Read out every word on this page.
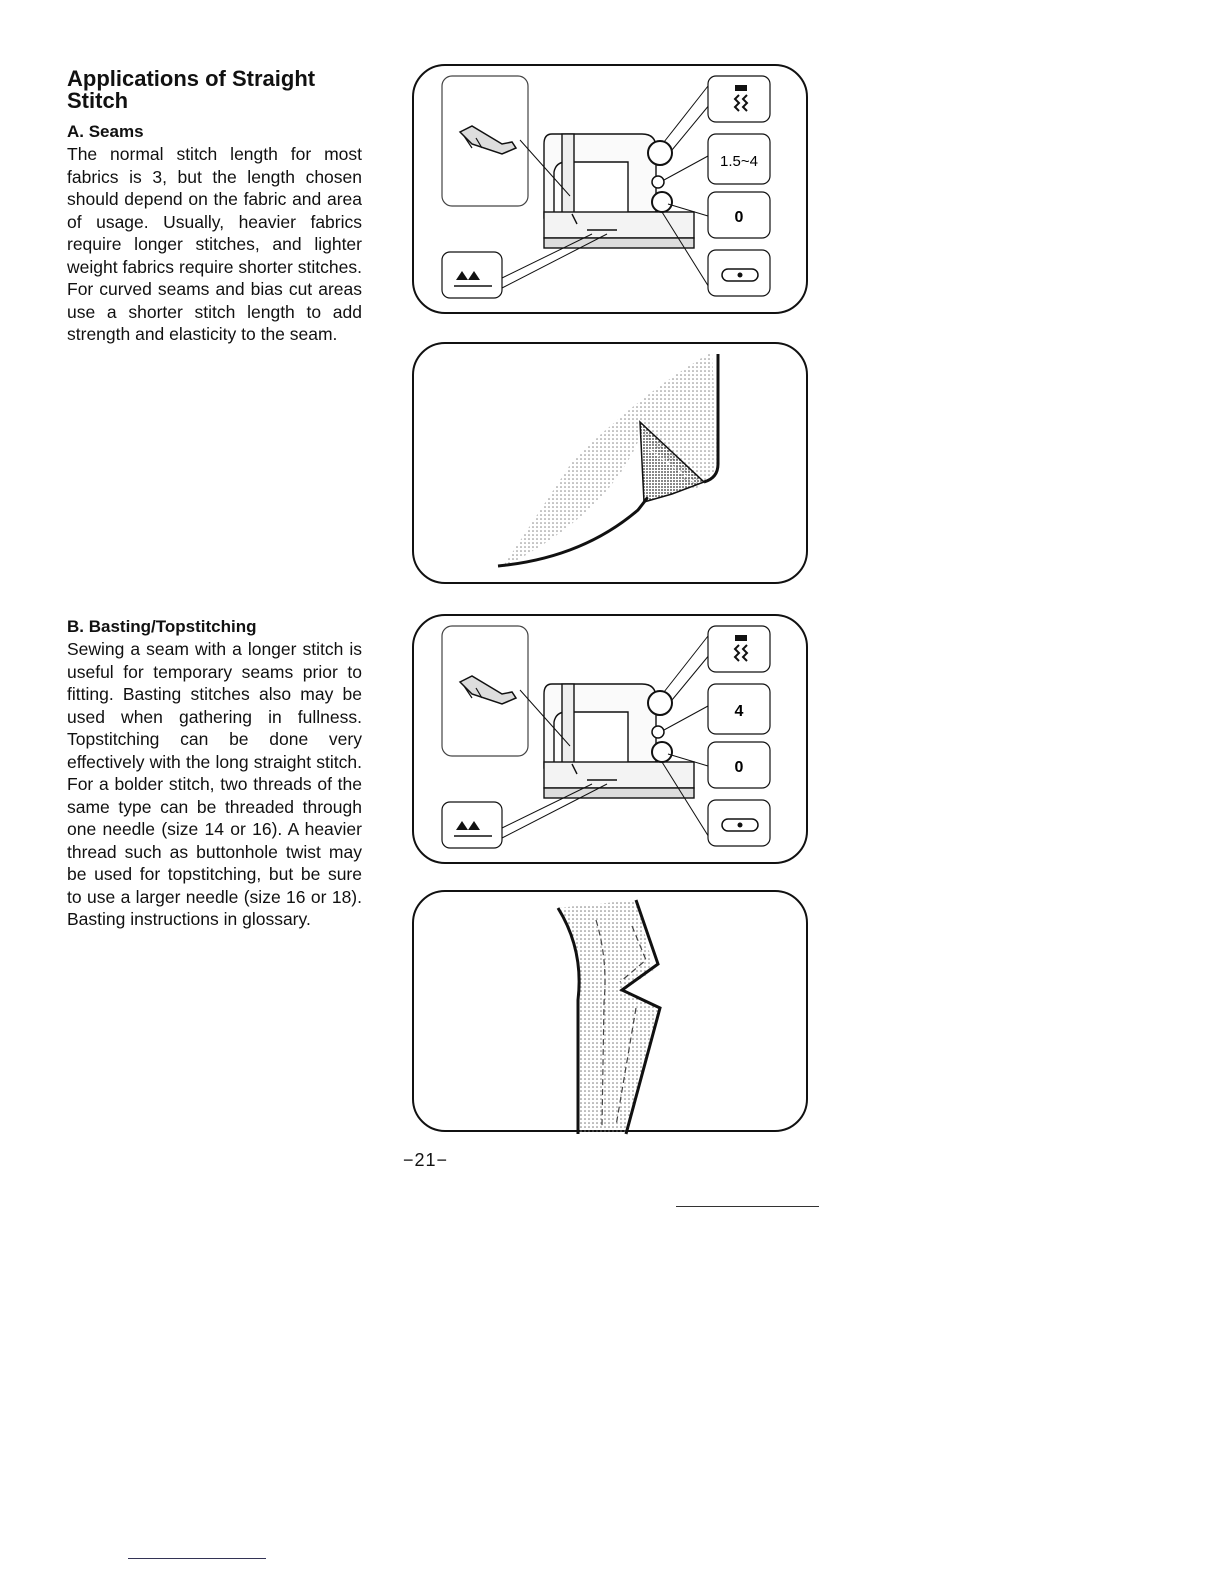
Applications of Straight Stitch
A. Seams

The normal stitch length for most fabrics is 3, but the length chosen should depend on the fabric and area of usage. Usually, heavier fabrics require longer stitches, and lighter weight fabrics require shorter stitches. For curved seams and bias cut areas use a shorter stitch length to add strength and elasticity to the seam.

B. Basting/Topstitching

Sewing a seam with a longer stitch is useful for temporary seams prior to fitting. Basting stitches also may be used when gathering in fullness. Topstitching can be done very effectively with the long straight stitch. For a bolder stitch, two threads of the same type can be threaded through one needle (size 14 or 16). A heavier thread such as buttonhole twist may be used for topstitching, but be sure to use a larger needle (size 16 or 18). Basting instructions in glossary.

1.5~4
0
4
0
−21−
